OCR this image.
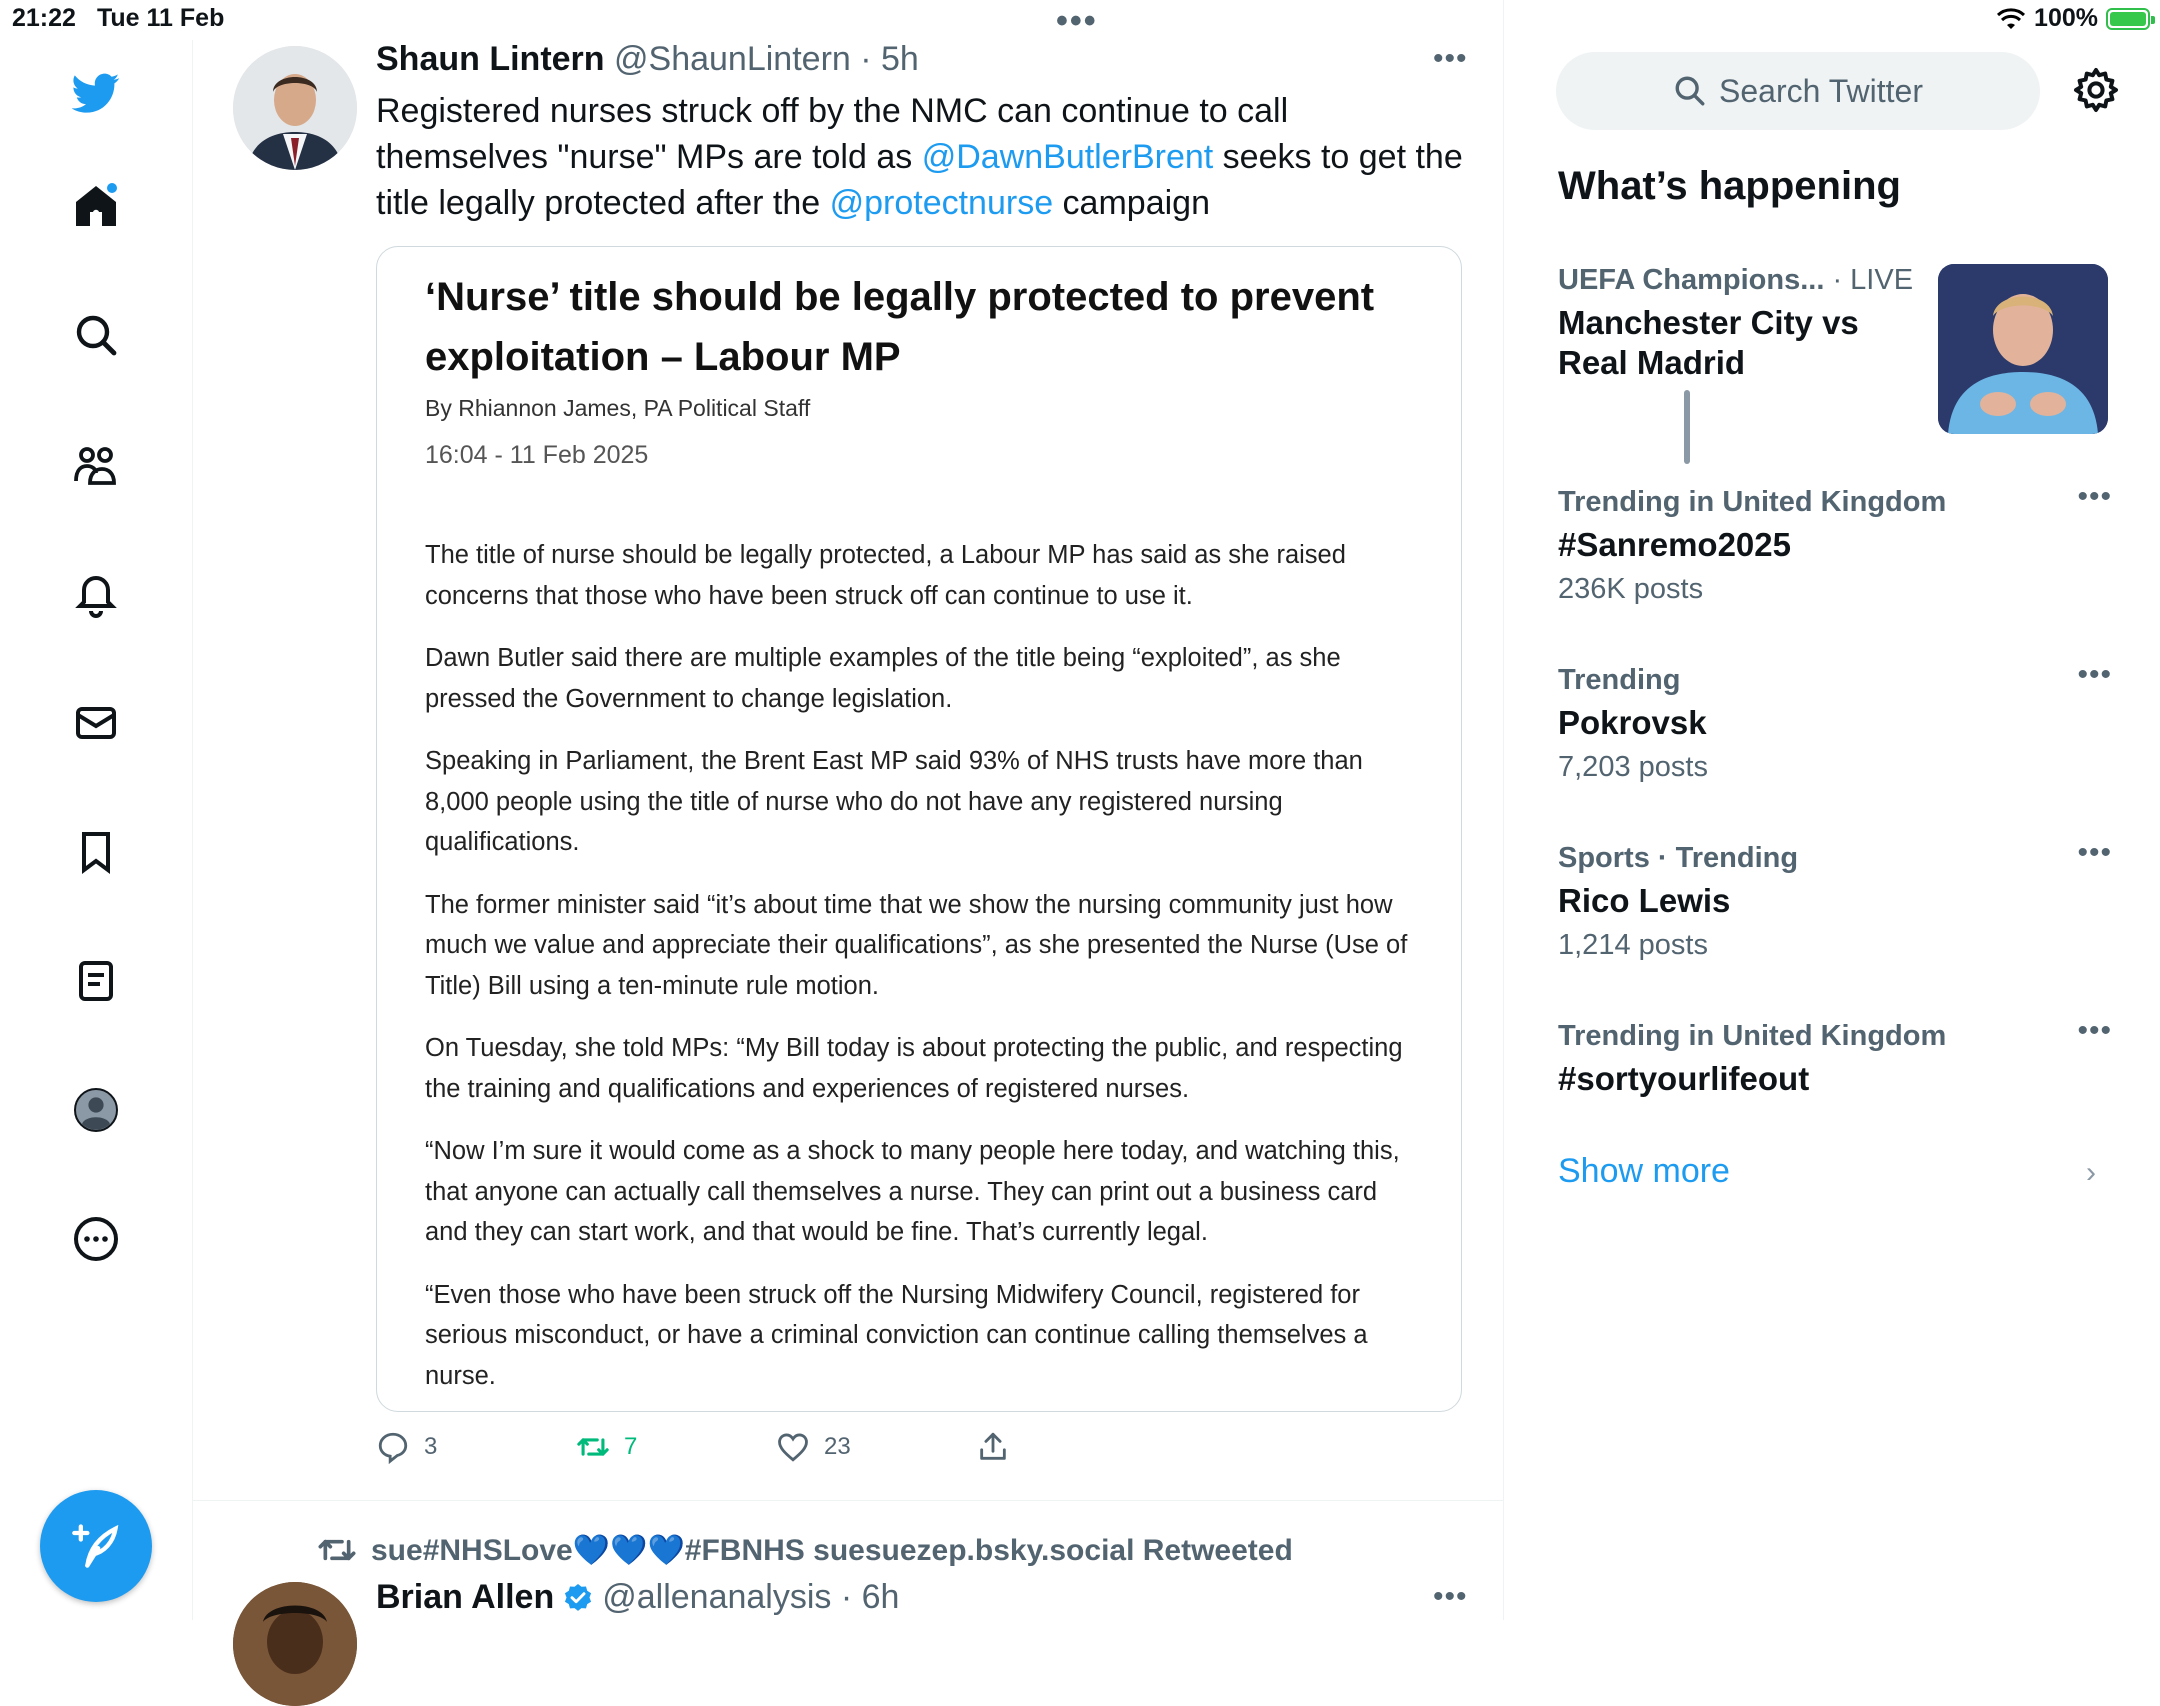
21:22 Tue 11 Feb	•••	100%
Shaun Lintern @ShaunLintern · 5h	•••
Registered nurses struck off by the NMC can continue to call themselves "nurse" MPs are told as @DawnButlerBrent seeks to get the title legally protected after the @protectnurse campaign
‘Nurse’ title should be legally protected to prevent exploitation – Labour MP
By Rhiannon James, PA Political Staff
16:04 - 11 Feb 2025

The title of nurse should be legally protected, a Labour MP has said as she raised concerns that those who have been struck off can continue to use it.

Dawn Butler said there are multiple examples of the title being “exploited”, as she pressed the Government to change legislation.

Speaking in Parliament, the Brent East MP said 93% of NHS trusts have more than 8,000 people using the title of nurse who do not have any registered nursing qualifications.

The former minister said “it’s about time that we show the nursing community just how much we value and appreciate their qualifications”, as she presented the Nurse (Use of Title) Bill using a ten-minute rule motion.

On Tuesday, she told MPs: “My Bill today is about protecting the public, and respecting the training and qualifications and experiences of registered nurses.

“Now I’m sure it would come as a shock to many people here today, and watching this, that anyone can actually call themselves a nurse. They can print out a business card and they can start work, and that would be fine. That’s currently legal.

“Even those who have been struck off the Nursing Midwifery Council, registered for serious misconduct, or have a criminal conviction can continue calling themselves a nurse.

3	7	23
sue#NHSLove💙💙💙#FBNHS suesuezep.bsky.social Retweeted
Brian Allen @allenanalysis · 6h	•••
Search Twitter
What’s happening
UEFA Champions... · LIVE
Manchester City vs Real Madrid
Trending in United Kingdom
#Sanremo2025
236K posts
•••
Trending
Pokrovsk
7,203 posts
•••
Sports · Trending
Rico Lewis
1,214 posts
•••
Trending in United Kingdom
#sortyourlifeout
•••
Show more	›
